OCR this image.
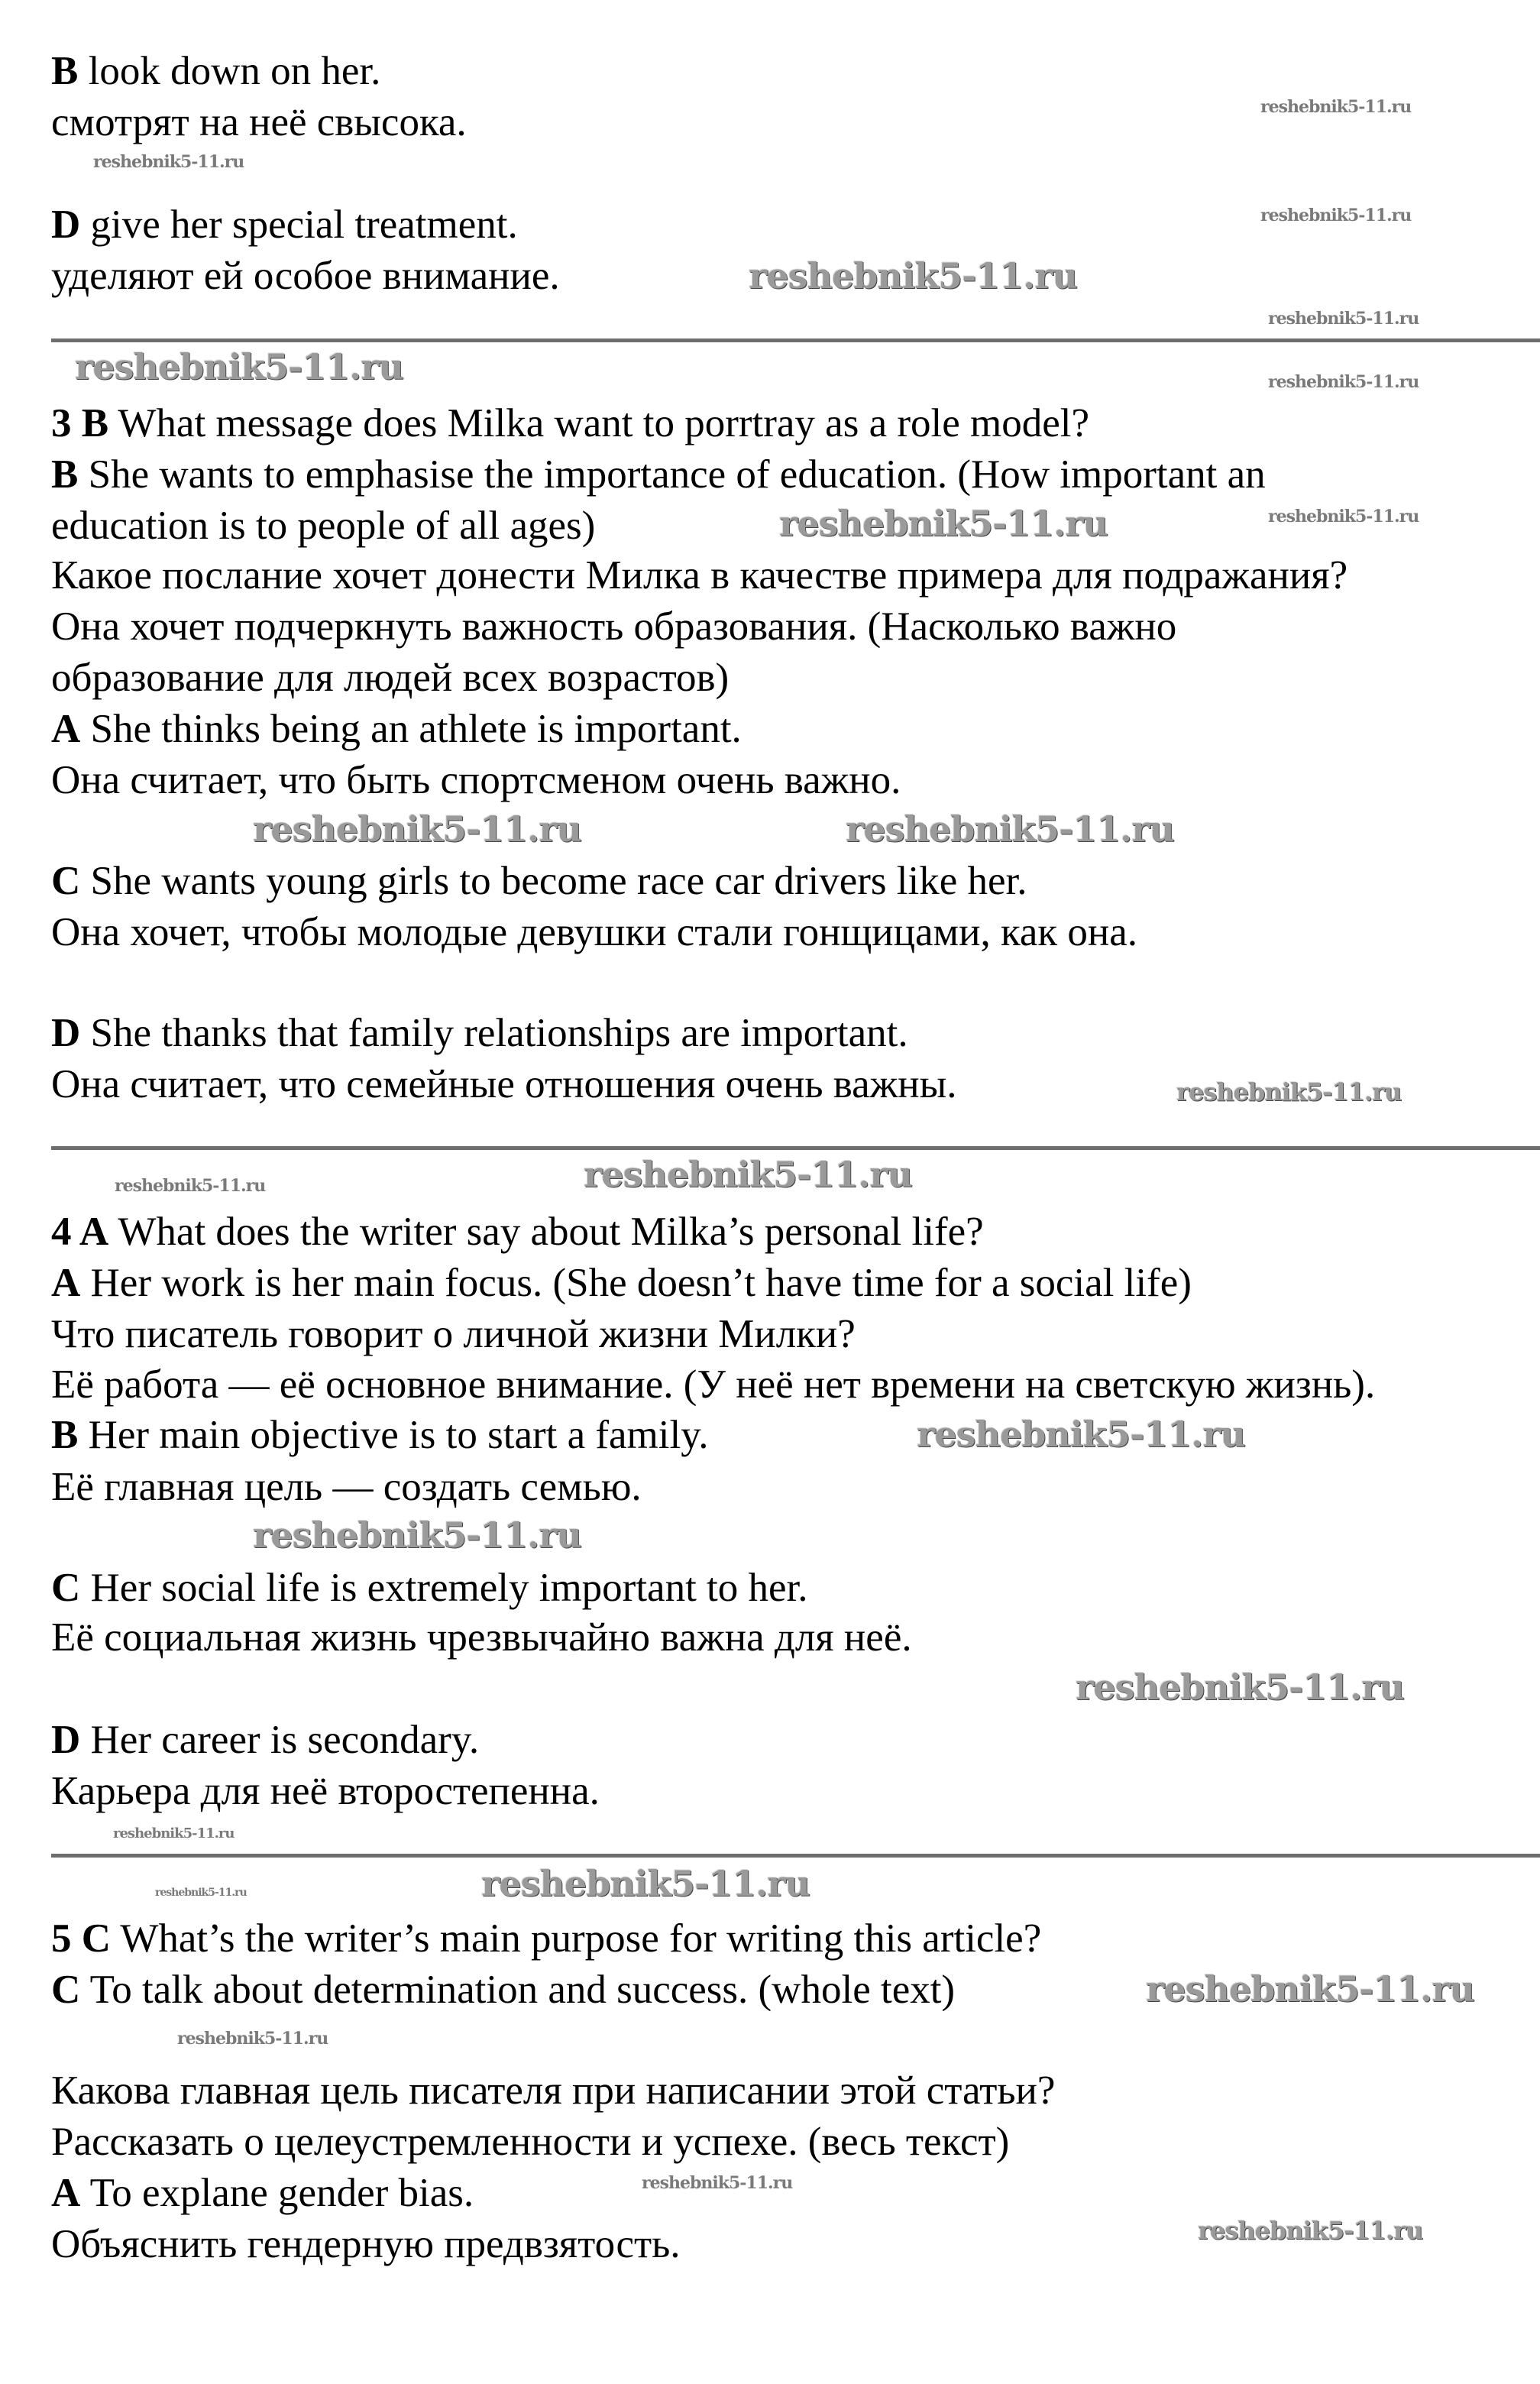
B look down on her.
смотрят на неё свысока.
D give her special treatment.
уделяют ей особое внимание.
3 B What message does Milka want to porrtray as a role model?
B She wants to emphasise the importance of education. (How important an
education is to people of all ages)
Какое послание хочет донести Милка в качестве примера для подражания?
Она хочет подчеркнуть важность образования. (Насколько важно
образование для людей всех возрастов)
A She thinks being an athlete is important.
Она считает, что быть спортсменом очень важно.
C She wants young girls to become race car drivers like her.
Она хочет, чтобы молодые девушки стали гонщицами, как она.
D She thanks that family relationships are important.
Она считает, что семейные отношения очень важны.
4 A What does the writer say about Milka’s personal life?
A Her work is her main focus. (She doesn’t have time for a social life)
Что писатель говорит о личной жизни Милки?
Её работа — её основное внимание. (У неё нет времени на светскую жизнь).
B Her main objective is to start a family.
Её главная цель — создать семью.
C Her social life is extremely important to her.
Её социальная жизнь чрезвычайно важна для неё.
D Her career is secondary.
Карьера для неё второстепенна.
5 C What’s the writer’s main purpose for writing this article?
C To talk about determination and success. (whole text)
Какова главная цель писателя при написании этой статьи?
Рассказать о целеустремленности и успехе. (весь текст)
A To explane gender bias.
Объяснить гендерную предвзятость.
reshebnik5-11.ru
reshebnik5-11.ru
reshebnik5-11.ru
reshebnik5-11.ru
reshebnik5-11.ru
reshebnik5-11.ru
reshebnik5-11.ru
reshebnik5-11.ru
reshebnik5-11.ru
reshebnik5-11.ru
reshebnik5-11.ru
reshebnik5-11.ru
reshebnik5-11.ru
reshebnik5-11.ru
reshebnik5-11.ru
reshebnik5-11.ru
reshebnik5-11.ru	reshebnik5-11.ru
reshebnik5-11.ru
reshebnik5-11.ru
reshebnik5-11.ru
reshebnik5-11.ru
reshebnik5-11.ru
reshebnik5-11.ru
